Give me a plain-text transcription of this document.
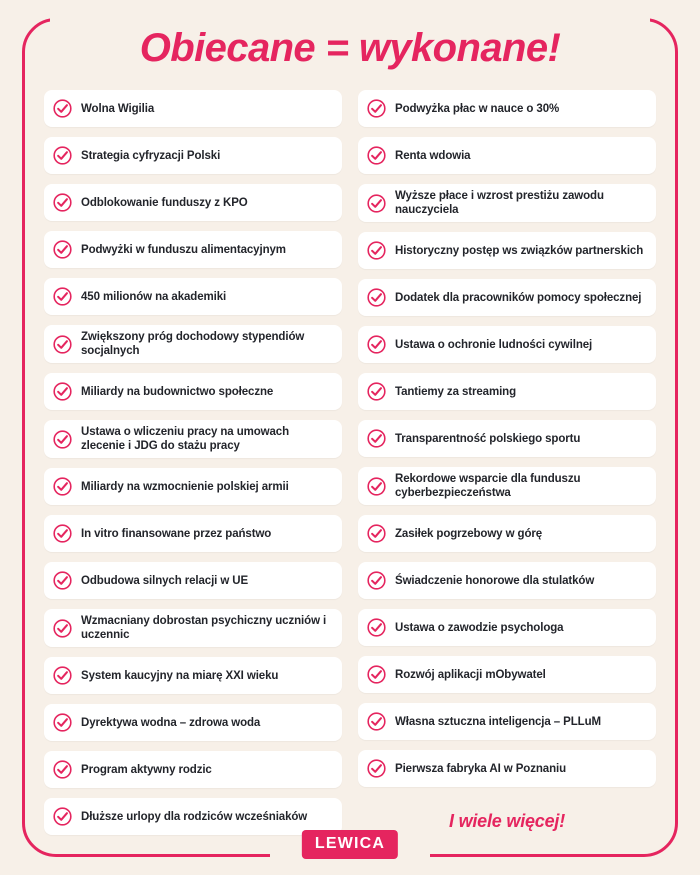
Obiecane = wykonane!
Wolna Wigilia
Strategia cyfryzacji Polski
Odblokowanie funduszy z KPO
Podwyżki w funduszu alimentacyjnym
450 milionów na akademiki
Zwiększony próg dochodowy stypendiów socjalnych
Miliardy na budownictwo społeczne
Ustawa o wliczeniu pracy na umowach zlecenie i JDG do stażu pracy
Miliardy na wzmocnienie polskiej armii
In vitro finansowane przez państwo
Odbudowa silnych relacji w UE
Wzmacniany dobrostan psychiczny uczniów i uczennic
System kaucyjny na miarę XXI wieku
Dyrektywa wodna – zdrowa woda
Program aktywny rodzic
Dłuższe urlopy dla rodziców wcześniaków
Podwyżka płac w nauce o 30%
Renta wdowia
Wyższe płace i wzrost prestiżu zawodu nauczyciela
Historyczny postęp ws związków partnerskich
Dodatek dla pracowników pomocy społecznej
Ustawa o ochronie ludności cywilnej
Tantiemy za streaming
Transparentność polskiego sportu
Rekordowe wsparcie dla funduszu cyberbezpieczeństwa
Zasiłek pogrzebowy w górę
Świadczenie honorowe dla stulatków
Ustawa o zawodzie psychologa
Rozwój aplikacji mObywatel
Własna sztuczna inteligencja – PLLuM
Pierwsza fabryka AI w Poznaniu
I wiele więcej!
LEWICA
